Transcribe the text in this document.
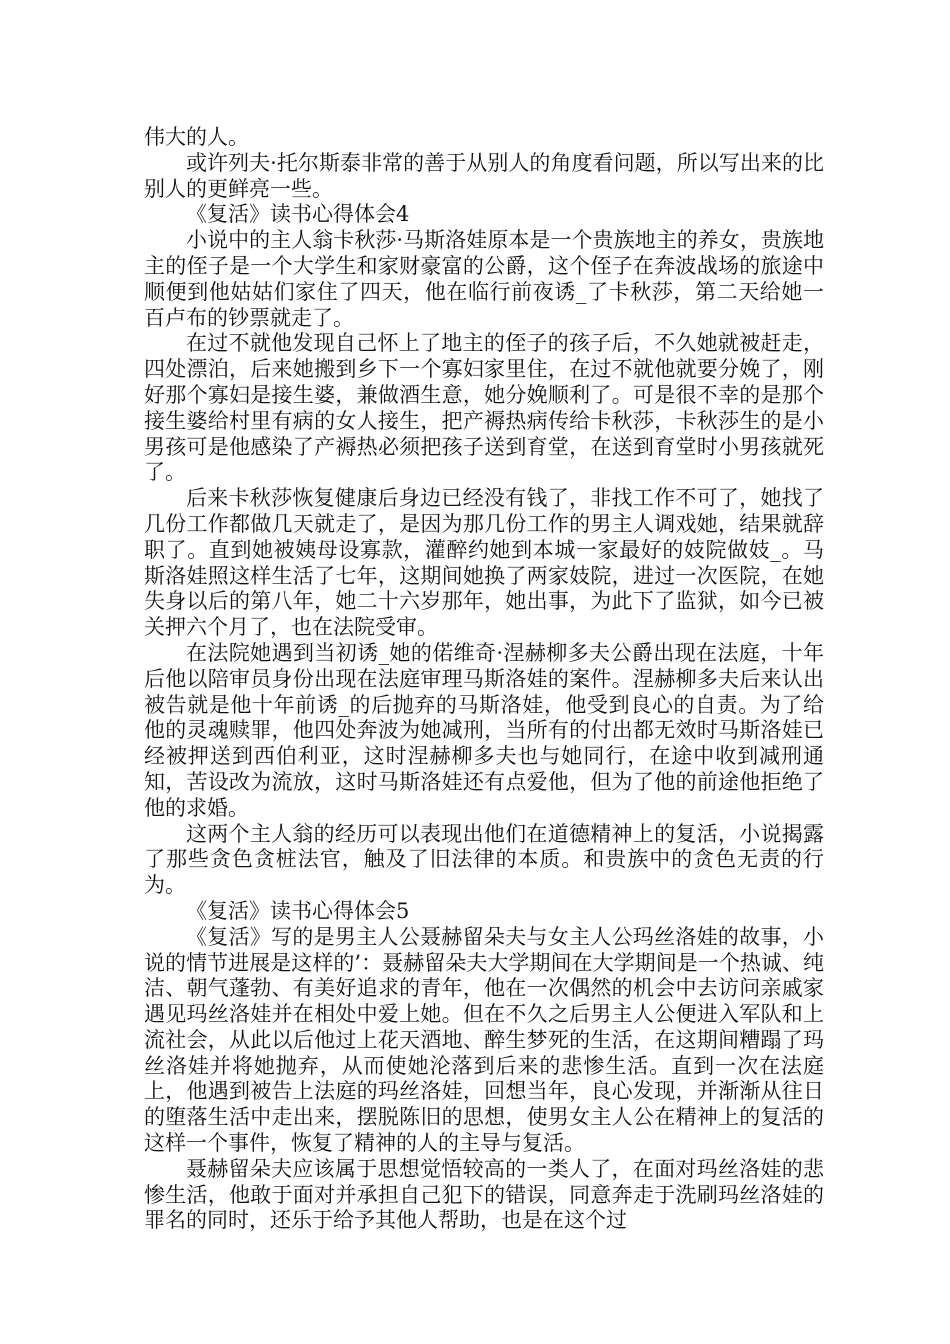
伟大的人。

或许列夫·托尔斯泰非常的善于从别人的角度看问题，所以写出来的比别人的更鲜亮一些。

《复活》读书心得体会4

小说中的主人翁卡秋莎·马斯洛娃原本是一个贵族地主的养女，贵族地主的侄子是一个大学生和家财豪富的公爵，这个侄子在奔波战场的旅途中顺便到他姑姑们家住了四天，他在临行前夜诱_了卡秋莎，第二天给她一百卢布的钞票就走了。

在过不就他发现自己怀上了地主的侄子的孩子后，不久她就被赶走，四处漂泊，后来她搬到乡下一个寡妇家里住，在过不就他就要分娩了，刚好那个寡妇是接生婆，兼做酒生意，她分娩顺利了。可是很不幸的是那个接生婆给村里有病的女人接生，把产褥热病传给卡秋莎，卡秋莎生的是小男孩可是他感染了产褥热必须把孩子送到育堂，在送到育堂时小男孩就死了。

后来卡秋莎恢复健康后身边已经没有钱了，非找工作不可了，她找了几份工作都做几天就走了，是因为那几份工作的男主人调戏她，结果就辞职了。直到她被姨母设寡款，灌醉约她到本城一家最好的妓院做妓_。马斯洛娃照这样生活了七年，这期间她换了两家妓院，进过一次医院，在她失身以后的第八年，她二十六岁那年，她出事，为此下了监狱，如今已被关押六个月了，也在法院受审。

在法院她遇到当初诱_她的偌维奇·涅赫柳多夫公爵出现在法庭，十年后他以陪审员身份出现在法庭审理马斯洛娃的案件。涅赫柳多夫后来认出被告就是他十年前诱_的后抛弃的马斯洛娃，他受到良心的自责。为了给他的灵魂赎罪，他四处奔波为她减刑，当所有的付出都无效时马斯洛娃已经被押送到西伯利亚，这时涅赫柳多夫也与她同行，在途中收到减刑通知，苦设改为流放，这时马斯洛娃还有点爱他，但为了他的前途他拒绝了他的求婚。

这两个主人翁的经历可以表现出他们在道德精神上的复活，小说揭露了那些贪色贪桩法官，触及了旧法律的本质。和贵族中的贪色无责的行为。

《复活》读书心得体会5

《复活》写的是男主人公聂赫留朵夫与女主人公玛丝洛娃的故事，小说的情节进展是这样的’：聂赫留朵夫大学期间在大学期间是一个热诚、纯洁、朝气蓬勃、有美好追求的青年，他在一次偶然的机会中去访问亲戚家遇见玛丝洛娃并在相处中爱上她。但在不久之后男主人公便进入军队和上流社会，从此以后他过上花天酒地、醉生梦死的生活，在这期间糟蹋了玛丝洛娃并将她抛弃，从而使她沦落到后来的悲惨生活。直到一次在法庭上，他遇到被告上法庭的玛丝洛娃，回想当年，良心发现，并渐渐从往日的堕落生活中走出来，摆脱陈旧的思想，使男女主人公在精神上的复活的这样一个事件，恢复了精神的人的主导与复活。

聂赫留朵夫应该属于思想觉悟较高的一类人了，在面对玛丝洛娃的悲惨生活，他敢于面对并承担自己犯下的错误，同意奔走于洗刷玛丝洛娃的罪名的同时，还乐于给予其他人帮助，也是在这个过
